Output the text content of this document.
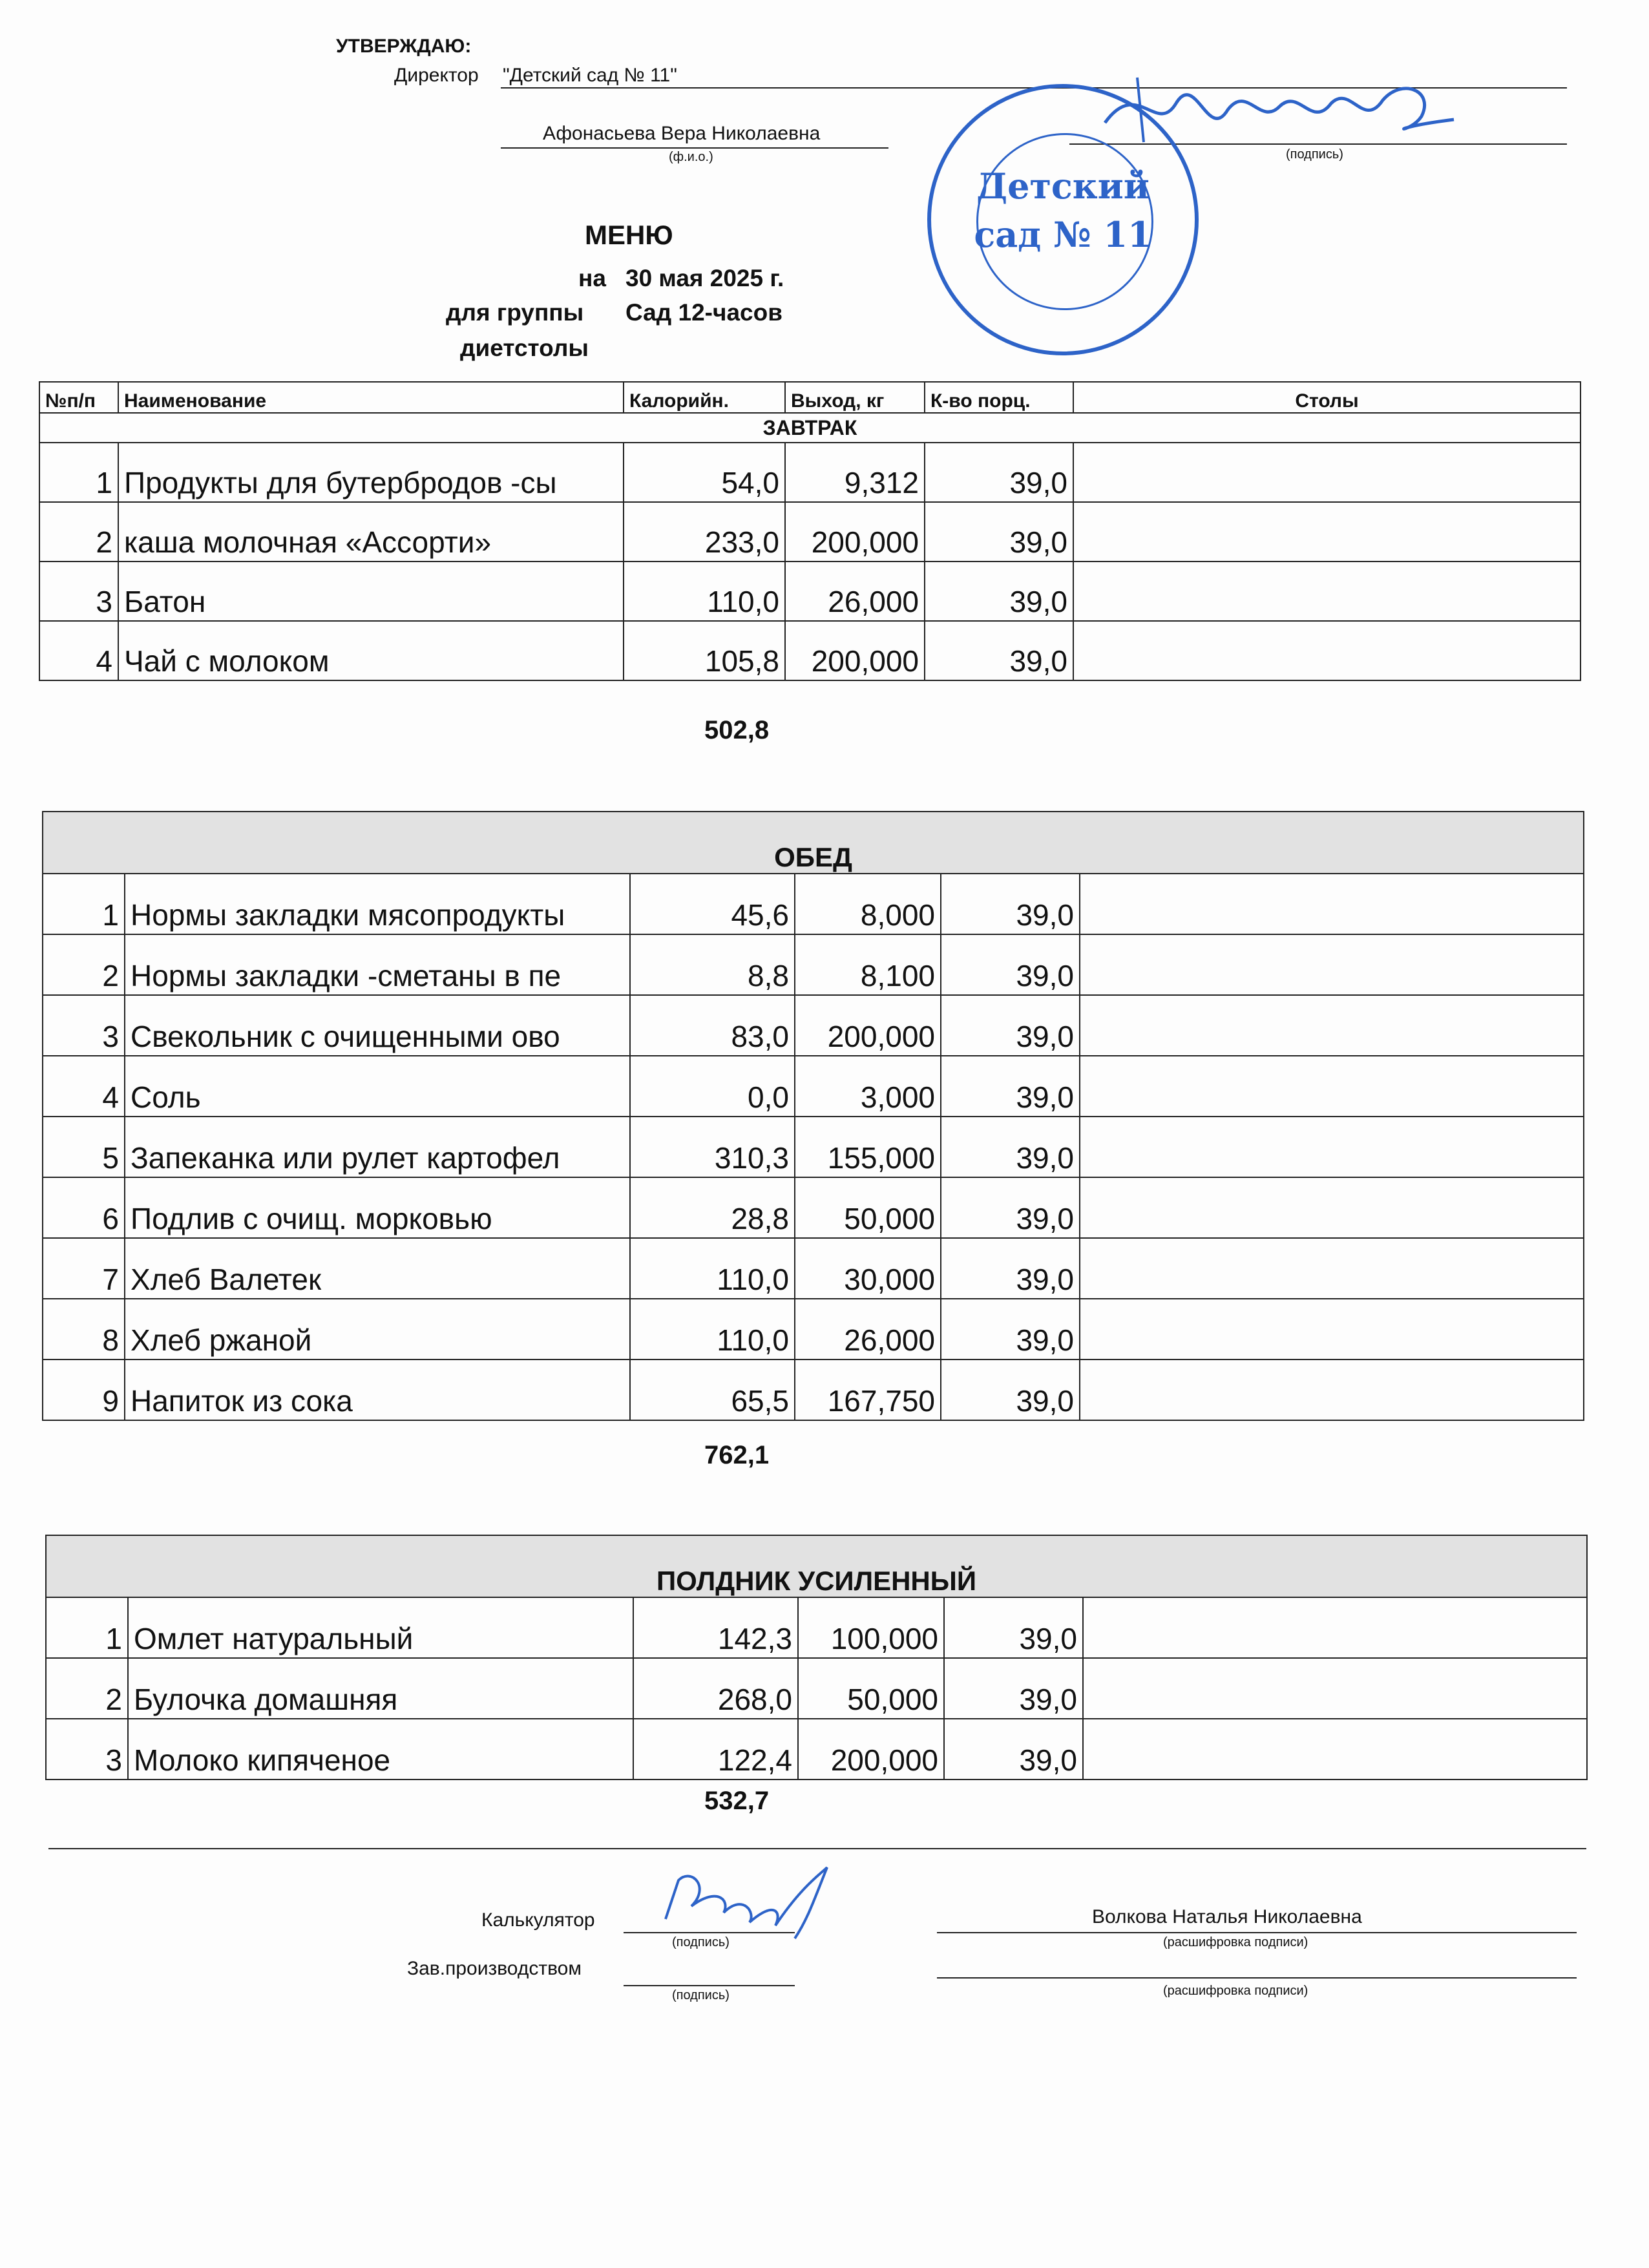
УТВЕРЖДАЮ:
Директор "Детский сад № 11"
Афонасьева Вера Николаевна
(ф.и.о.)	(подпись)
Детский
сад № 11
МЕНЮ
на 30 мая 2025 г.
для группы Сад 12-часов
диетстолы
№п/п	Наименование	Калорийн.	Выход, кг	К-во порц.	Столы
ЗАВТРАК					
1	Продукты для бутербродов -сы	54,0	9,312	39,0	
2	каша молочная «Ассорти»	233,0	200,000	39,0	
3	Батон	110,0	26,000	39,0	
4	Чай с молоком	105,8	200,000	39,0	
502,8
ОБЕД					
1	Нормы закладки мясопродукты	45,6	8,000	39,0	
2	Нормы закладки -сметаны в пе	8,8	8,100	39,0	
3	Свекольник с очищенными ово	83,0	200,000	39,0	
4	Соль	0,0	3,000	39,0	
5	Запеканка или рулет картофел	310,3	155,000	39,0	
6	Подлив с очищ. морковью	28,8	50,000	39,0	
7	Хлеб Валетек	110,0	30,000	39,0	
8	Хлеб ржаной	110,0	26,000	39,0	
9	Напиток из сока	65,5	167,750	39,0	
762,1
ПОЛДНИК УСИЛЕННЫЙ					
1	Омлет натуральный	142,3	100,000	39,0	
2	Булочка домашняя	268,0	50,000	39,0	
3	Молоко кипяченое	122,4	200,000	39,0	
532,7
Калькулятор
(подпись)
Волкова Наталья Николаевна
(расшифровка подписи)
Зав.производством
(подпись)	(расшифровка подписи)
